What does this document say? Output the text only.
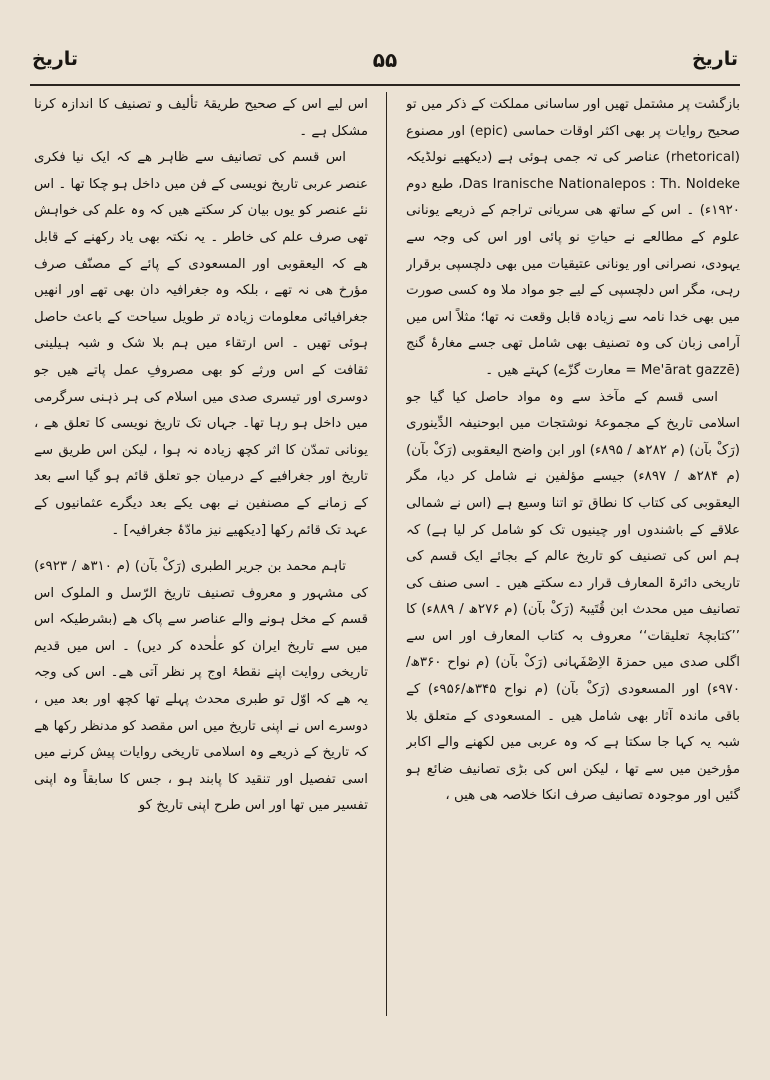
تاریخ	۵۵	تاریخ

بازگشت پر مشتمل تھیں اور ساسانی مملکت کے ذکر میں تو صحیح روایات پر بھی اکثر اوقات حماسی (epic) اور مصنوع (rhetorical) عناصر کی تہ جمی ہوئی ہے (دیکھیے نولڈیکہ Das Iranische Nationalepos : Th. Noldeke، طبع دوم ۱۹۲۰ء) ۔ اس کے ساتھ ھی سریانی تراجم کے ذریعے یونانی علوم کے مطالعے نے حیاتِ نو پائی اور اس کی وجہ سے یہودی، نصرانی اور یونانی عتیقیات میں بھی دلچسپی برقرار رہی، مگر اس دلچسپی کے لیے جو مواد ملا وہ کسی صورت میں بھی خدا نامہ سے زیادہ قابل وقعت نہ تھا؛ مثلاً اس میں آرامی زبان کی وہ تصنیف بھی شامل تھی جسے مغارۂ گنج (Me'ārat gazzē = معارت گزّے) کہتے ھیں ۔

اسی قسم کے مآخذ سے وہ مواد حاصل کیا گیا جو اسلامی تاریخ کے مجموعۂ نوشتجات میں ابوحنیفہ الدِّینوری (رَکْ بآن) (م ۲۸۲ھ / ۸۹۵ء) اور ابن واضح الیعقوبی (رَکْ بآن) (م ۲۸۴ھ / ۸۹۷ء) جیسے مؤلفین نے شامل کر دیا، مگر الیعقوبی کی کتاب کا نطاق تو اتنا وسیع ہے (اس نے شمالی علاقے کے باشندوں اور چینیوں تک کو شامل کر لیا ہے) کہ ہم اس کی تصنیف کو تاریخ عالم کے بجائے ایک قسم کی تاریخی دائرۃ المعارف قرار دے سکتے ھیں ۔ اسی صنف کی تصانیف میں محدث ابن قُتَیبۃ (رَکْ بآن) (م ۲۷۶ھ / ۸۸۹ء) کا ’’کتابچۂ تعلیقات‘‘ معروف بہ کتاب المعارف اور اس سے اگلی صدی میں حمزۃ الاِصْفَہانی (رَکْ بآن) (م نواح ۳۶۰ھ/۹۷۰ء) اور المسعودی (رَکْ بآن) (م نواح ۳۴۵ھ/۹۵۶ء) کے باقی ماندہ آثار بھی شامل ھیں ۔ المسعودی کے متعلق بلا شبہ یہ کہا جا سکتا ہے کہ وہ عربی میں لکھنے والے اکابر مؤرخین میں سے تھا ، لیکن اس کی بڑی تصانیف ضائع ہو گئیں اور موجودہ تصانیف صرف انکا خلاصہ ھی ھیں ،

اس لیے اس کے صحیح طریقۂ تألیف و تصنیف کا اندازہ کرنا مشکل ہے ۔

اس قسم کی تصانیف سے ظاہر ھے کہ ایک نیا فکری عنصر عربی تاریخ نویسی کے فن میں داخل ہو چکا تھا ۔ اس نئے عنصر کو یوں بیان کر سکتے ھیں کہ وہ علم کی خواہش تھی صرف علم کی خاطر ۔ یہ نکتہ بھی یاد رکھنے کے قابل ھے کہ الیعقوبی اور المسعودی کے پائے کے مصنّف صرف مؤرخ ھی نہ تھے ، بلکہ وہ جغرافیہ دان بھی تھے اور انھیں جغرافیائی معلومات زیادہ تر طویل سیاحت کے باعث حاصل ہوئی تھیں ۔ اس ارتقاء میں ہم بلا شک و شبہ ہیلینی ثقافت کے اس ورثے کو بھی مصروفِ عمل پاتے ھیں جو دوسری اور تیسری صدی میں اسلام کی ہر ذہنی سرگرمی میں داخل ہو رہا تھا۔ جہاں تک تاریخ نویسی کا تعلق ھے ، یونانی تمدّن کا اثر کچھ زیادہ نہ ہوا ، لیکن اس طریق سے تاریخ اور جغرافیے کے درمیان جو تعلق قائم ہو گیا اسے بعد کے زمانے کے مصنفین نے بھی یکے بعد دیگرے عثمانیوں کے عہد تک قائم رکھا [دیکھیے نیز مادّۂ جغرافیہ] ۔

تاہم محمد بن جریر الطبری (رَکْ بآن) (م ۳۱۰ھ / ۹۲۳ء) کی مشہور و معروف تصنیف تاریخ الرّسل و الملوک اس قسم کے مخل ہونے والے عناصر سے پاک ھے (بشرطیکہ اس میں سے تاریخ ایران کو علٰحدہ کر دیں) ۔ اس میں قدیم تاریخی روایت اپنے نقطۂ اوج پر نظر آتی ھے۔ اس کی وجہ یہ ھے کہ اوّل تو طبری محدث پہلے تھا کچھ اور بعد میں ، دوسرے اس نے اپنی تاریخ میں اس مقصد کو مدنظر رکھا ھے کہ تاریخ کے ذریعے وہ اسلامی تاریخی روایات پیش کرنے میں اسی تفصیل اور تنقید کا پابند ہو ، جس کا سابقاً وہ اپنی تفسیر میں تھا اور اس طرح اپنی تاریخ کو
